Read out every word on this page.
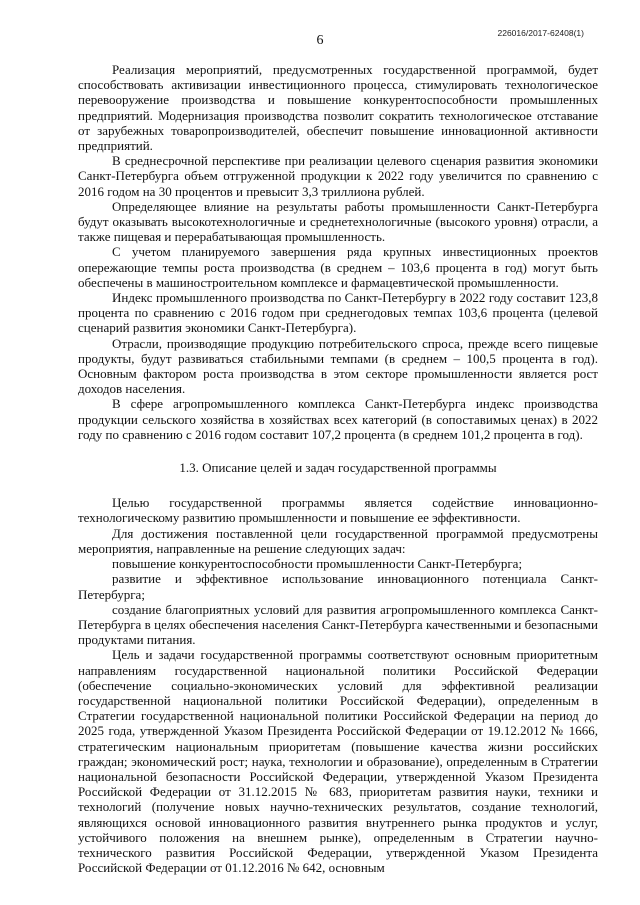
226016/2017-62408(1)
6

Реализация мероприятий, предусмотренных государственной программой, будет способствовать активизации инвестиционного процесса, стимулировать технологическое перевооружение производства и повышение конкурентоспособности промышленных предприятий. Модернизация производства позволит сократить технологическое отставание от зарубежных товаропроизводителей, обеспечит повышение инновационной активности предприятий.

В среднесрочной перспективе при реализации целевого сценария развития экономики Санкт-Петербурга объем отгруженной продукции к 2022 году увеличится по сравнению с 2016 годом на 30 процентов и превысит 3,3 триллиона рублей.

Определяющее влияние на результаты работы промышленности Санкт-Петербурга будут оказывать высокотехнологичные и среднетехнологичные (высокого уровня) отрасли, а также пищевая и перерабатывающая промышленность.

С учетом планируемого завершения ряда крупных инвестиционных проектов опережающие темпы роста производства (в среднем – 103,6 процента в год) могут быть обеспечены в машиностроительном комплексе и фармацевтической промышленности.

Индекс промышленного производства по Санкт-Петербургу в 2022 году составит 123,8 процента по сравнению с 2016 годом при среднегодовых темпах 103,6 процента (целевой сценарий развития экономики Санкт-Петербурга).

Отрасли, производящие продукцию потребительского спроса, прежде всего пищевые продукты, будут развиваться стабильными темпами (в среднем – 100,5 процента в год). Основным фактором роста производства в этом секторе промышленности является рост доходов населения.

В сфере агропромышленного комплекса Санкт-Петербурга индекс производства продукции сельского хозяйства в хозяйствах всех категорий (в сопоставимых ценах) в 2022 году по сравнению с 2016 годом составит 107,2 процента (в среднем 101,2 процента в год).

1.3. Описание целей и задач государственной программы

Целью государственной программы является содействие инновационно-технологическому развитию промышленности и повышение ее эффективности.

Для достижения поставленной цели государственной программой предусмотрены мероприятия, направленные на решение следующих задач:

повышение конкурентоспособности промышленности Санкт-Петербурга;

развитие и эффективное использование инновационного потенциала Санкт-Петербурга;

создание благоприятных условий для развития агропромышленного комплекса Санкт-Петербурга в целях обеспечения населения Санкт-Петербурга качественными и безопасными продуктами питания.

Цель и задачи государственной программы соответствуют основным приоритетным направлениям государственной национальной политики Российской Федерации (обеспечение социально-экономических условий для эффективной реализации государственной национальной политики Российской Федерации), определенным в Стратегии государственной национальной политики Российской Федерации на период до 2025 года, утвержденной Указом Президента Российской Федерации от 19.12.2012 № 1666, стратегическим национальным приоритетам (повышение качества жизни российских граждан; экономический рост; наука, технологии и образование), определенным в Стратегии национальной безопасности Российской Федерации, утвержденной Указом Президента Российской Федерации от 31.12.2015 № 683, приоритетам развития науки, техники и технологий (получение новых научно-технических результатов, создание технологий, являющихся основой инновационного развития внутреннего рынка продуктов и услуг, устойчивого положения на внешнем рынке), определенным в Стратегии научно-технического развития Российской Федерации, утвержденной Указом Президента Российской Федерации от 01.12.2016 № 642, основным
